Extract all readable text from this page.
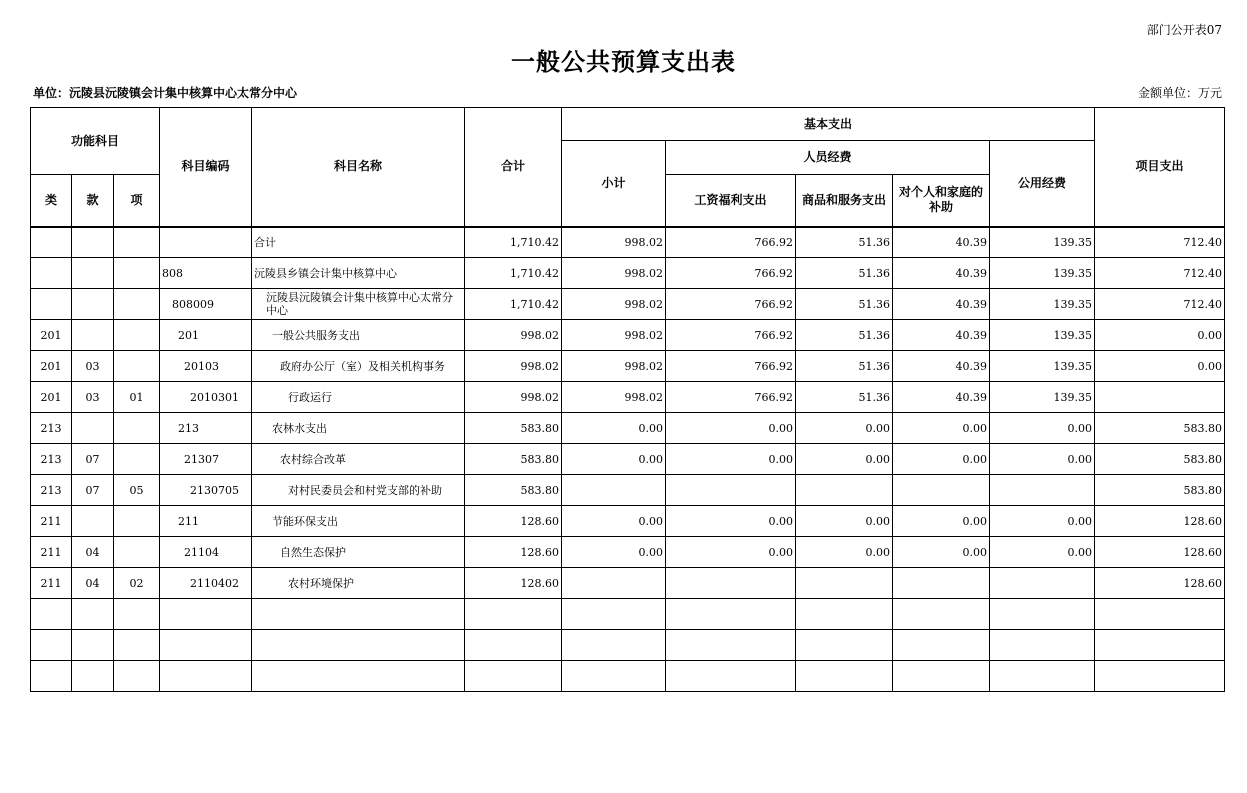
部门公开表07
一般公共预算支出表
单位：沅陵县沅陵镇会计集中核算中心太常分中心	金额单位：万元
功能科目			科目编码	科目名称	合计	基本支出					项目支出
						小计	人员经费			公用经费	
类	款	项					工资福利支出	商品和服务支出	对个人和家庭的补助		
				合计	1,710.42	998.02	766.92	51.36	40.39	139.35	712.40
			808	沅陵县乡镇会计集中核算中心	1,710.42	998.02	766.92	51.36	40.39	139.35	712.40
			808009	沅陵县沅陵镇会计集中核算中心太常分中心	1,710.42	998.02	766.92	51.36	40.39	139.35	712.40
201			201	一般公共服务支出	998.02	998.02	766.92	51.36	40.39	139.35	0.00
201	03		20103	政府办公厅（室）及相关机构事务	998.02	998.02	766.92	51.36	40.39	139.35	0.00
201	03	01	2010301	行政运行	998.02	998.02	766.92	51.36	40.39	139.35	
213			213	农林水支出	583.80	0.00	0.00	0.00	0.00	0.00	583.80
213	07		21307	农村综合改革	583.80	0.00	0.00	0.00	0.00	0.00	583.80
213	07	05	2130705	对村民委员会和村党支部的补助	583.80						583.80
211			211	节能环保支出	128.60	0.00	0.00	0.00	0.00	0.00	128.60
211	04		21104	自然生态保护	128.60	0.00	0.00	0.00	0.00	0.00	128.60
211	04	02	2110402	农村环境保护	128.60						128.60
